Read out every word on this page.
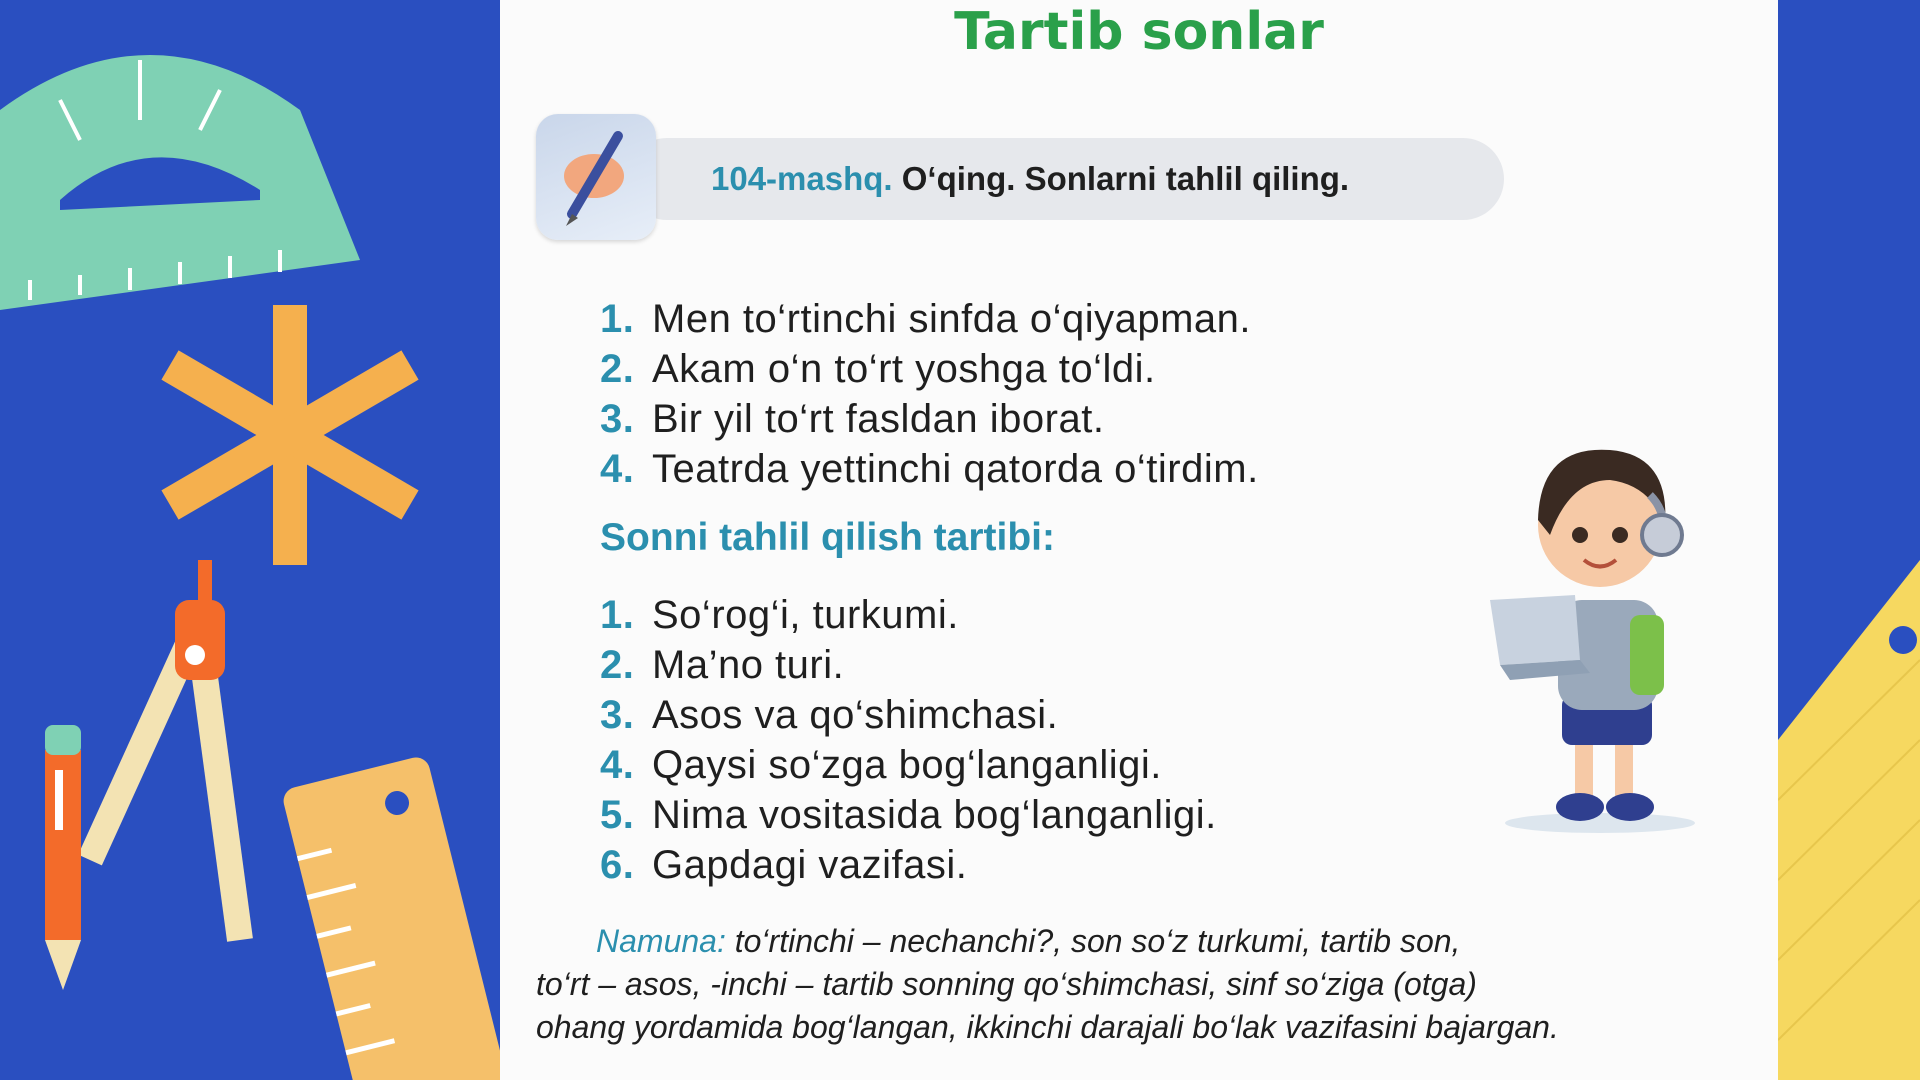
Tartib sonlar
104-mashq. O‘qing. Sonlarni tahlil qiling.
1. Men to‘rtinchi sinfda o‘qiyapman.
2. Akam o‘n to‘rt yoshga to‘ldi.
3. Bir yil to‘rt fasldan iborat.
4. Teatrda yettinchi qatorda o‘tirdim.
Sonni tahlil qilish tartibi:
1. So‘rog‘i, turkumi.
2. Ma’no turi.
3. Asos va qo‘shimchasi.
4. Qaysi so‘zga bog‘langanligi.
5. Nima vositasida bog‘langanligi.
6. Gapdagi vazifasi.
Namuna: to‘rtinchi – nechanchi?, son so‘z turkumi, tartib son,
to‘rt – asos, -inchi – tartib sonning qo‘shimchasi, sinf so‘ziga (otga)
ohang yordamida bog‘langan, ikkinchi darajali bo‘lak vazifasini bajargan.
